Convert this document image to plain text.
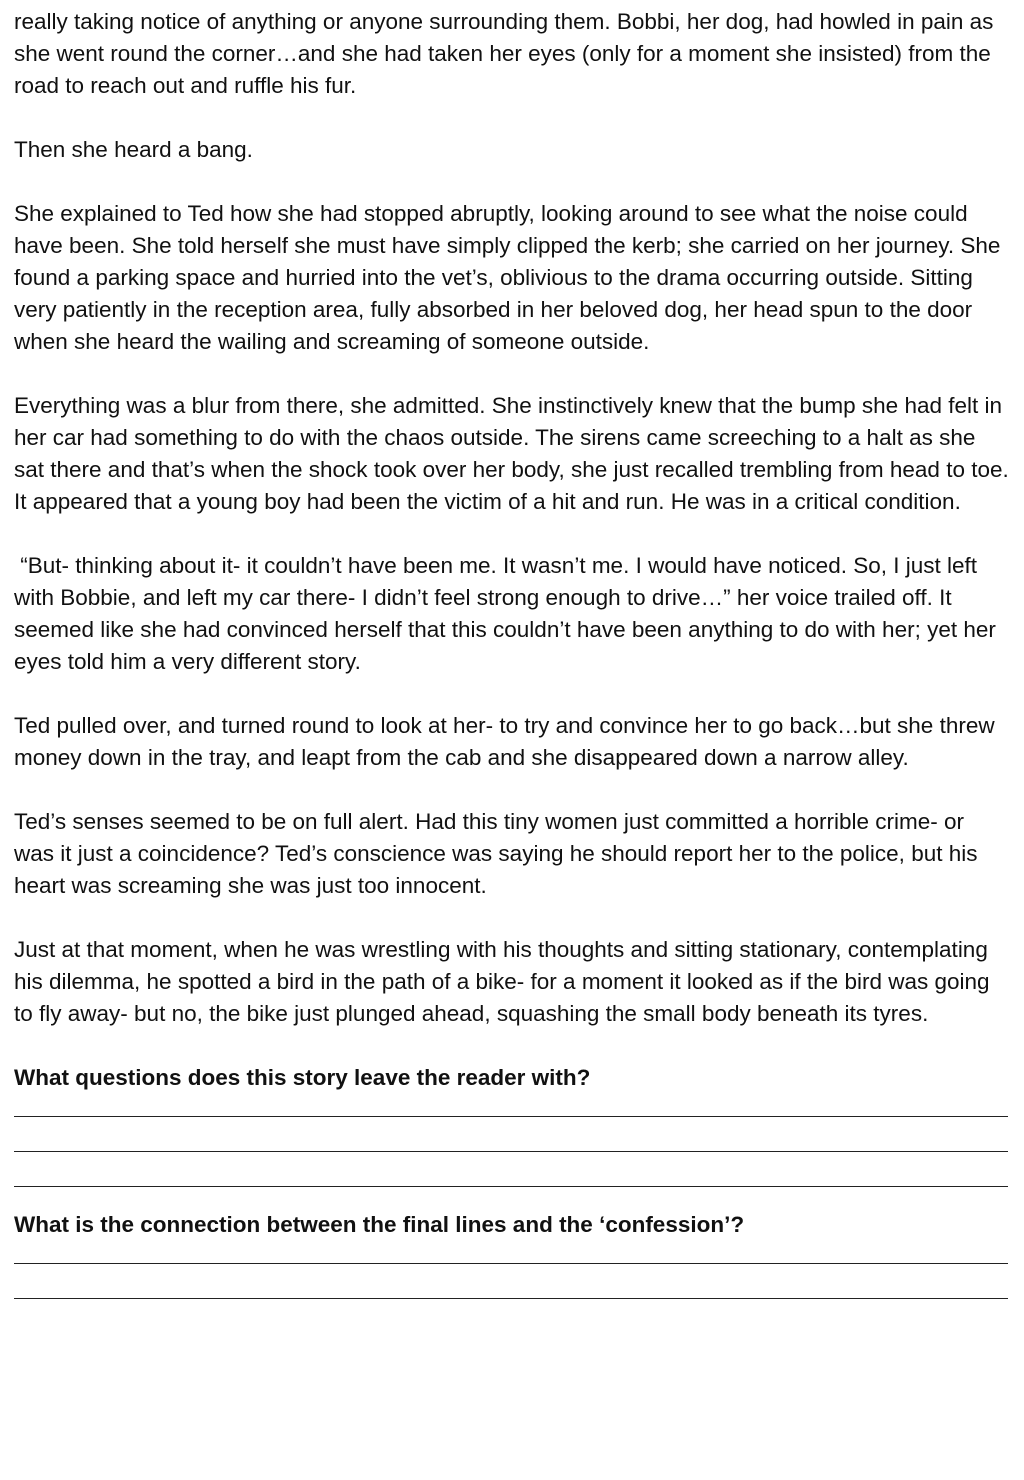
really taking notice of anything or anyone surrounding them. Bobbi, her dog, had howled in pain as she went round the corner…and she had taken her eyes (only for a moment she insisted) from the road to reach out and ruffle his fur.

Then she heard a bang.

She explained to Ted how she had stopped abruptly, looking around to see what the noise could have been. She told herself she must have simply clipped the kerb; she carried on her journey. She found a parking space and hurried into the vet’s, oblivious to the drama occurring outside. Sitting very patiently in the reception area, fully absorbed in her beloved dog, her head spun to the door when she heard the wailing and screaming of someone outside.

Everything was a blur from there, she admitted. She instinctively knew that the bump she had felt in her car had something to do with the chaos outside. The sirens came screeching to a halt as she sat there and that’s when the shock took over her body, she just recalled trembling from head to toe. It appeared that a young boy had been the victim of a hit and run. He was in a critical condition.

“But- thinking about it- it couldn’t have been me. It wasn’t me. I would have noticed. So, I just left with Bobbie, and left my car there- I didn’t feel strong enough to drive…” her voice trailed off. It seemed like she had convinced herself that this couldn’t have been anything to do with her; yet her eyes told him a very different story.

Ted pulled over, and turned round to look at her- to try and convince her to go back…but she threw money down in the tray, and leapt from the cab and she disappeared down a narrow alley.

Ted’s senses seemed to be on full alert. Had this tiny women just committed a horrible crime- or was it just a coincidence? Ted’s conscience was saying he should report her to the police, but his heart was screaming she was just too innocent.

Just at that moment, when he was wrestling with his thoughts and sitting stationary, contemplating his dilemma, he spotted a bird in the path of a bike- for a moment it looked as if the bird was going to fly away- but no, the bike just plunged ahead, squashing the small body beneath its tyres.

What questions does this story leave the reader with?

What is the connection between the final lines and the ‘confession’?
